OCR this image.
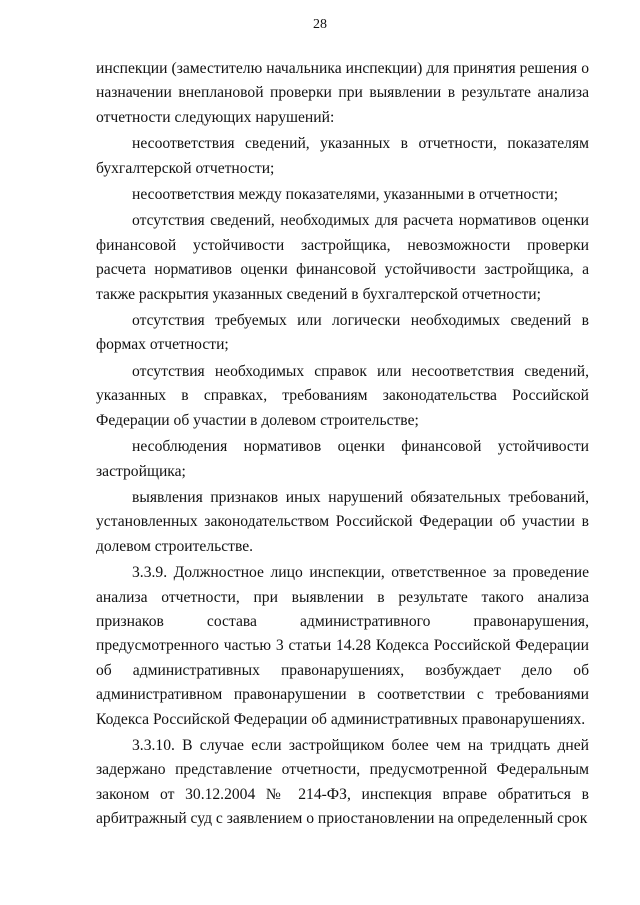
28

инспекции (заместителю начальника инспекции) для принятия решения о назначении внеплановой проверки при выявлении в результате анализа отчетности следующих нарушений:

несоответствия сведений, указанных в отчетности, показателям бухгалтерской отчетности;

несоответствия между показателями, указанными в отчетности;

отсутствия сведений, необходимых для расчета нормативов оценки финансовой устойчивости застройщика, невозможности проверки расчета нормативов оценки финансовой устойчивости застройщика, а также раскрытия указанных сведений в бухгалтерской отчетности;

отсутствия требуемых или логически необходимых сведений в формах отчетности;

отсутствия необходимых справок или несоответствия сведений, указанных в справках, требованиям законодательства Российской Федерации об участии в долевом строительстве;

несоблюдения нормативов оценки финансовой устойчивости застройщика;

выявления признаков иных нарушений обязательных требований, установленных законодательством Российской Федерации об участии в долевом строительстве.

3.3.9. Должностное лицо инспекции, ответственное за проведение анализа отчетности, при выявлении в результате такого анализа признаков состава административного правонарушения, предусмотренного частью 3 статьи 14.28 Кодекса Российской Федерации об административных правонарушениях, возбуждает дело об административном правонарушении в соответствии с требованиями Кодекса Российской Федерации об административных правонарушениях.

3.3.10. В случае если застройщиком более чем на тридцать дней задержано представление отчетности, предусмотренной Федеральным законом от 30.12.2004 № 214-ФЗ, инспекция вправе обратиться в арбитражный суд с заявлением о приостановлении на определенный срок
